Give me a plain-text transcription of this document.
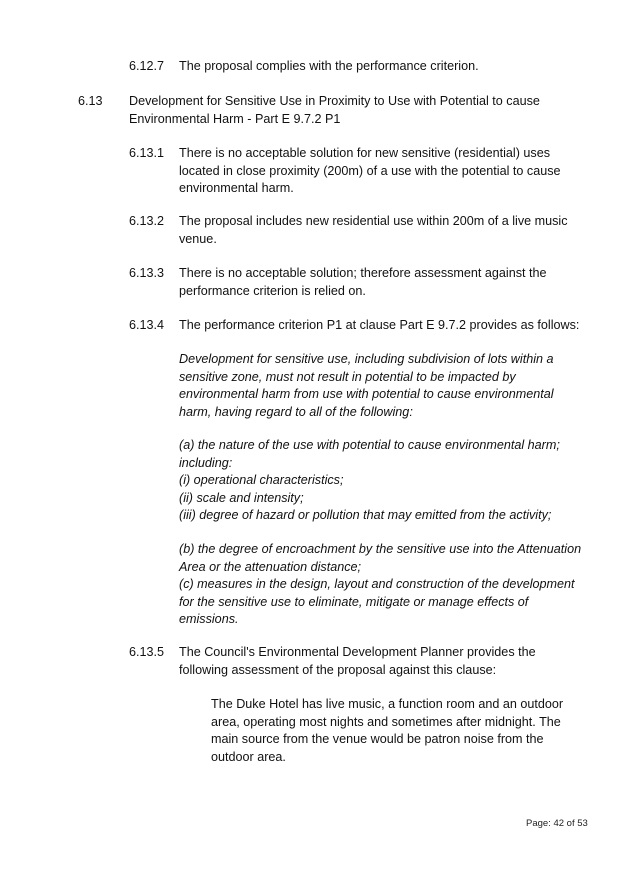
6.12.7 The proposal complies with the performance criterion.
6.13 Development for Sensitive Use in Proximity to Use with Potential to cause Environmental Harm - Part E 9.7.2 P1
6.13.1 There is no acceptable solution for new sensitive (residential) uses located in close proximity (200m) of a use with the potential to cause environmental harm.
6.13.2 The proposal includes new residential use within 200m of a live music venue.
6.13.3 There is no acceptable solution; therefore assessment against the performance criterion is relied on.
6.13.4 The performance criterion P1 at clause Part E 9.7.2 provides as follows:
Development for sensitive use, including subdivision of lots within a sensitive zone, must not result in potential to be impacted by environmental harm from use with potential to cause environmental harm, having regard to all of the following:
(a) the nature of the use with potential to cause environmental harm; including:
(i) operational characteristics;
(ii) scale and intensity;
(iii) degree of hazard or pollution that may emitted from the activity;
(b) the degree of encroachment by the sensitive use into the Attenuation Area or the attenuation distance;
(c) measures in the design, layout and construction of the development for the sensitive use to eliminate, mitigate or manage effects of emissions.
6.13.5 The Council's Environmental Development Planner provides the following assessment of the proposal against this clause:
The Duke Hotel has live music, a function room and an outdoor area, operating most nights and sometimes after midnight. The main source from the venue would be patron noise from the outdoor area.
Page: 42 of 53
